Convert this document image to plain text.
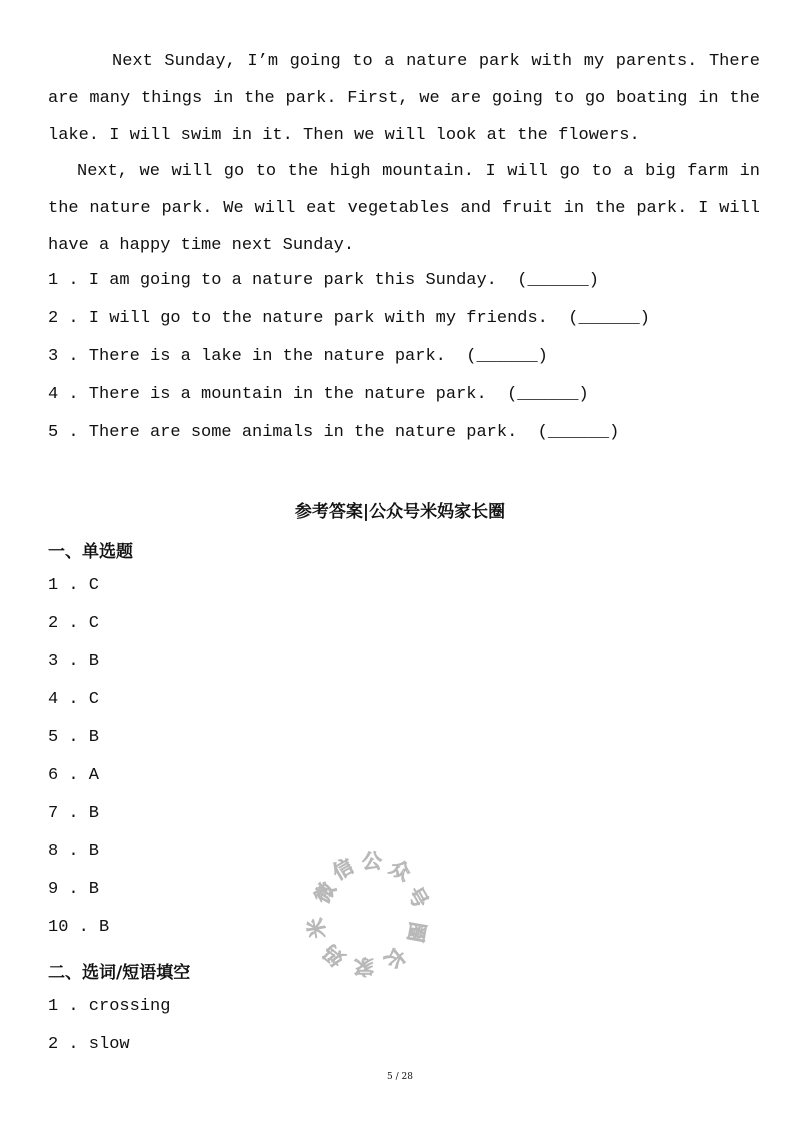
Next Sunday, I’m going to a nature park with my parents. There are many things in the park. First, we are going to go boating in the lake. I will swim in it. Then we will look at the flowers.

Next, we will go to the high mountain. I will go to a big farm in the nature park. We will eat vegetables and fruit in the park. I will have a happy time next Sunday.

1 . I am going to a nature park this Sunday.  (______)
2 . I will go to the nature park with my friends.  (______)
3 . There is a lake in the nature park.  (______)
4 . There is a mountain in the nature park.  (______)
5 . There are some animals in the nature park.  (______)
参考答案|公众号米妈家长圈
一、单选题
1 . C
2 . C
3 . B
4 . C
5 . B
6 . A
7 . B
8 . B
9 . B
10 . B
二、选词/短语填空
1 . crossing
2 . slow
微
信 公 众
号
圈
长
家
妈
米
5 / 28
